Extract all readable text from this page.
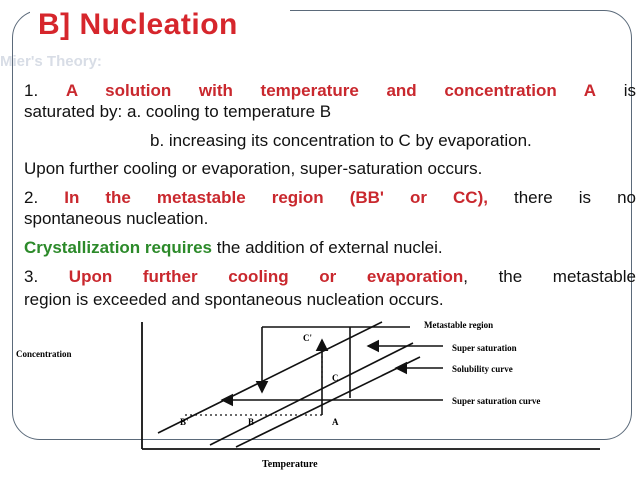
B] Nucleation
Mier's Theory:
1. A solution with temperature and concentration A is
saturated by: a. cooling to temperature B
b. increasing its concentration to C by evaporation.
Upon further cooling or evaporation, super-saturation occurs.
2. In the metastable region (BB' or CC), there is no
spontaneous nucleation.
Crystallization requires the addition of external nuclei.
3. Upon further cooling or evaporation, the metastable
region is exceeded and spontaneous nucleation occurs.
Concentration
Temperature
C'
C
B'	B	A
Metastable region
Super saturation
Solubility curve
Super saturation curve
